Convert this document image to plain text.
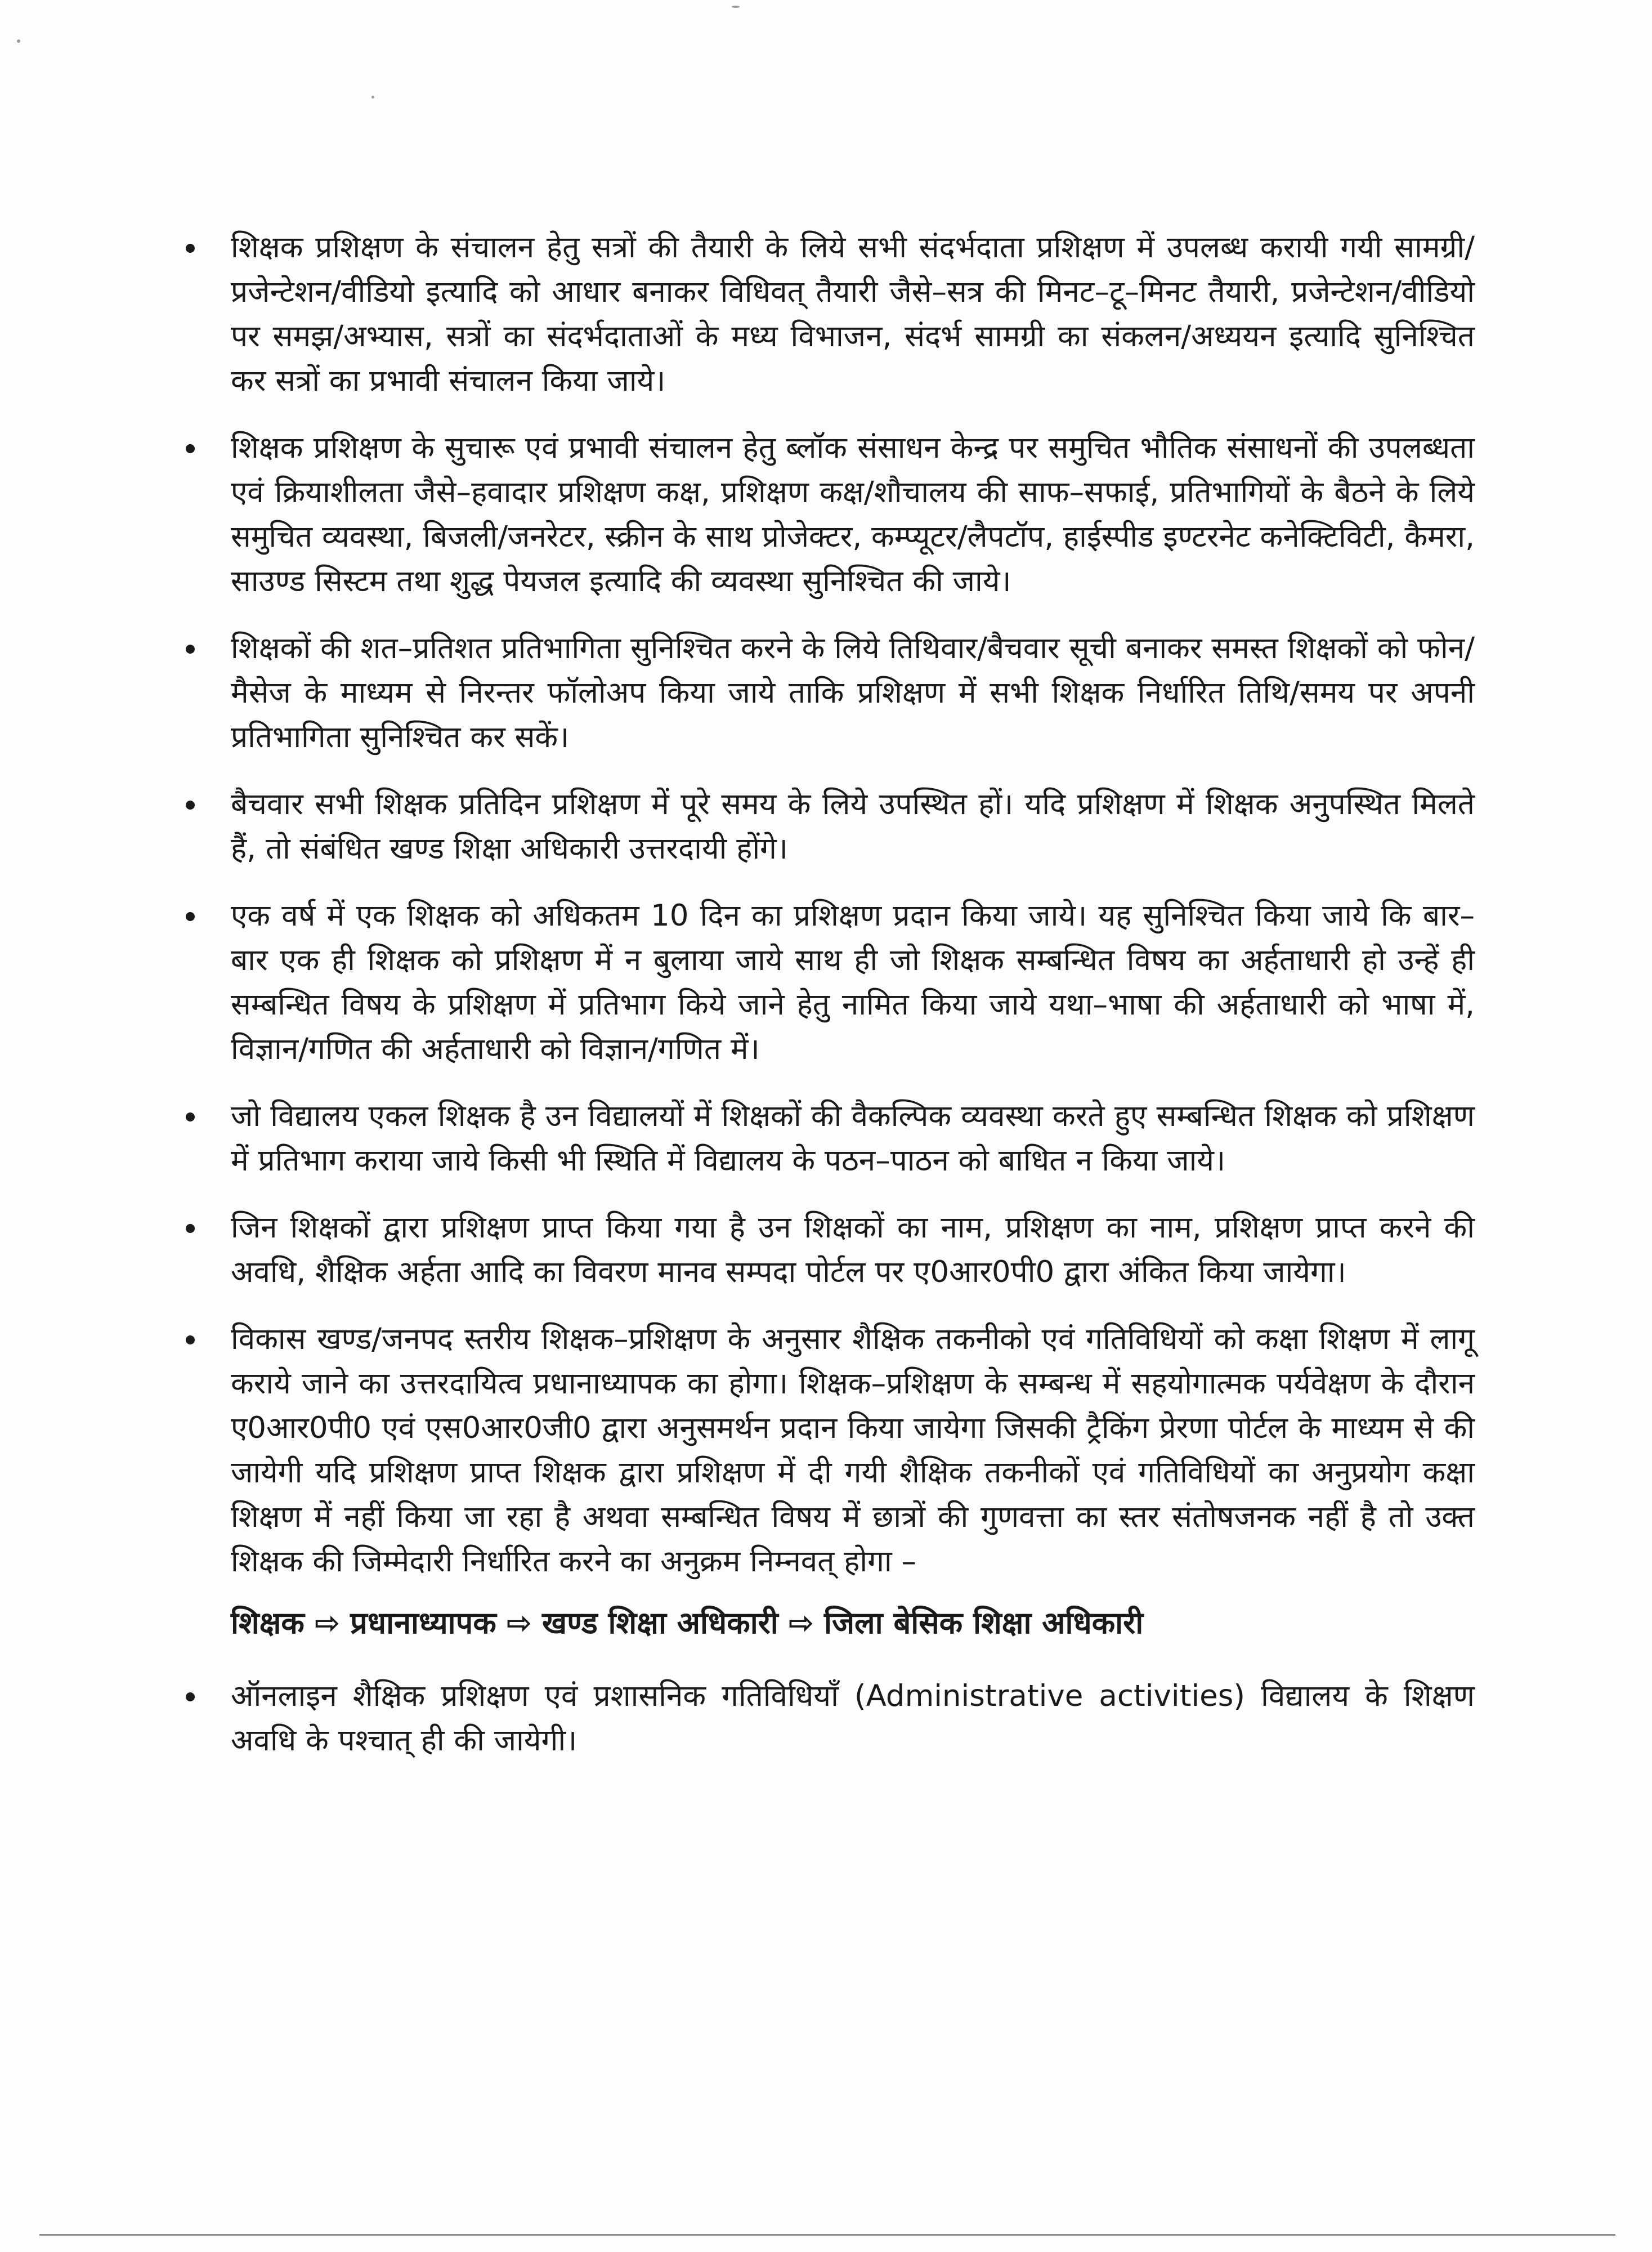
शिक्षक प्रशिक्षण के संचालन हेतु सत्रों की तैयारी के लिये सभी संदर्भदाता प्रशिक्षण में उपलब्ध करायी गयी सामग्री/प्रजेन्टेशन/वीडियो इत्यादि को आधार बनाकर विधिवत् तैयारी जैसे–सत्र की मिनट–टू–मिनट तैयारी, प्रजेन्टेशन/वीडियो पर समझ/अभ्यास, सत्रों का संदर्भदाताओं के मध्य विभाजन, संदर्भ सामग्री का संकलन/अध्ययन इत्यादि सुनिश्चित कर सत्रों का प्रभावी संचालन किया जाये।
शिक्षक प्रशिक्षण के सुचारू एवं प्रभावी संचालन हेतु ब्लॉक संसाधन केन्द्र पर समुचित भौतिक संसाधनों की उपलब्धता एवं क्रियाशीलता जैसे–हवादार प्रशिक्षण कक्ष, प्रशिक्षण कक्ष/शौचालय की साफ–सफाई, प्रतिभागियों के बैठने के लिये समुचित व्यवस्था, बिजली/जनरेटर, स्क्रीन के साथ प्रोजेक्टर, कम्प्यूटर/लैपटॉप, हाईस्पीड इण्टरनेट कनेक्टिविटी, कैमरा, साउण्ड सिस्टम तथा शुद्ध पेयजल इत्यादि की व्यवस्था सुनिश्चित की जाये।
शिक्षकों की शत–प्रतिशत प्रतिभागिता सुनिश्चित करने के लिये तिथिवार/बैचवार सूची बनाकर समस्त शिक्षकों को फोन/मैसेज के माध्यम से निरन्तर फॉलोअप किया जाये ताकि प्रशिक्षण में सभी शिक्षक निर्धारित तिथि/समय पर अपनी प्रतिभागिता सुनिश्चित कर सकें।
बैचवार सभी शिक्षक प्रतिदिन प्रशिक्षण में पूरे समय के लिये उपस्थित हों। यदि प्रशिक्षण में शिक्षक अनुपस्थित मिलते हैं, तो संबंधित खण्ड शिक्षा अधिकारी उत्तरदायी होंगे।
एक वर्ष में एक शिक्षक को अधिकतम 10 दिन का प्रशिक्षण प्रदान किया जाये। यह सुनिश्चित किया जाये कि बार–बार एक ही शिक्षक को प्रशिक्षण में न बुलाया जाये साथ ही जो शिक्षक सम्बन्धित विषय का अर्हताधारी हो उन्हें ही सम्बन्धित विषय के प्रशिक्षण में प्रतिभाग किये जाने हेतु नामित किया जाये यथा–भाषा की अर्हताधारी को भाषा में, विज्ञान/गणित की अर्हताधारी को विज्ञान/गणित में।
जो विद्यालय एकल शिक्षक है उन विद्यालयों में शिक्षकों की वैकल्पिक व्यवस्था करते हुए सम्बन्धित शिक्षक को प्रशिक्षण में प्रतिभाग कराया जाये किसी भी स्थिति में विद्यालय के पठन–पाठन को बाधित न किया जाये।
जिन शिक्षकों द्वारा प्रशिक्षण प्राप्त किया गया है उन शिक्षकों का नाम, प्रशिक्षण का नाम, प्रशिक्षण प्राप्त करने की अवधि, शैक्षिक अर्हता आदि का विवरण मानव सम्पदा पोर्टल पर ए0आर0पी0 द्वारा अंकित किया जायेगा।
विकास खण्ड/जनपद स्तरीय शिक्षक–प्रशिक्षण के अनुसार शैक्षिक तकनीको एवं गतिविधियों को कक्षा शिक्षण में लागू कराये जाने का उत्तरदायित्व प्रधानाध्यापक का होगा। शिक्षक–प्रशिक्षण के सम्बन्ध में सहयोगात्मक पर्यवेक्षण के दौरान ए0आर0पी0 एवं एस0आर0जी0 द्वारा अनुसमर्थन प्रदान किया जायेगा जिसकी ट्रैकिंग प्रेरणा पोर्टल के माध्यम से की जायेगी यदि प्रशिक्षण प्राप्त शिक्षक द्वारा प्रशिक्षण में दी गयी शैक्षिक तकनीकों एवं गतिविधियों का अनुप्रयोग कक्षा शिक्षण में नहीं किया जा रहा है अथवा सम्बन्धित विषय में छात्रों की गुणवत्ता का स्तर संतोषजनक नहीं है तो उक्त शिक्षक की जिम्मेदारी निर्धारित करने का अनुक्रम निम्नवत् होगा –
शिक्षक ⇨ प्रधानाध्यापक ⇨ खण्ड शिक्षा अधिकारी ⇨ जिला बेसिक शिक्षा अधिकारी
ऑनलाइन शैक्षिक प्रशिक्षण एवं प्रशासनिक गतिविधियाँ (Administrative activities) विद्यालय के शिक्षण अवधि के पश्चात् ही की जायेगी।
